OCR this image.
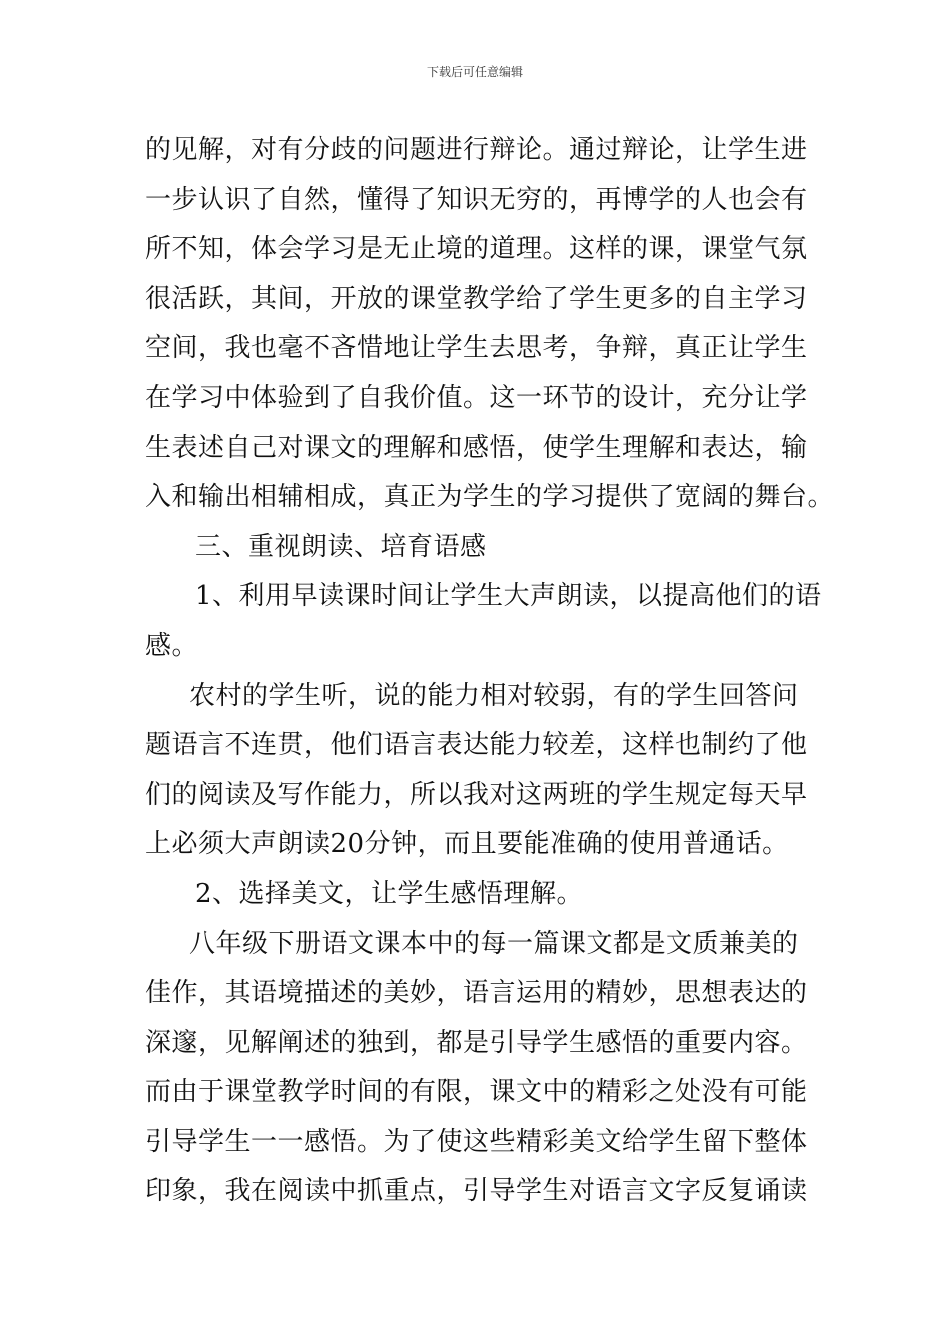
下载后可任意编辑
的见解，对有分歧的问题进行辩论。通过辩论，让学生进
一步认识了自然，懂得了知识无穷的，再博学的人也会有
所不知，体会学习是无止境的道理。这样的课，课堂气氛
很活跃，其间，开放的课堂教学给了学生更多的自主学习
空间，我也毫不吝惜地让学生去思考，争辩，真正让学生
在学习中体验到了自我价值。这一环节的设计，充分让学
生表述自己对课文的理解和感悟，使学生理解和表达，输
入和输出相辅相成，真正为学生的学习提供了宽阔的舞台。
三、重视朗读、培育语感
1、利用早读课时间让学生大声朗读，以提高他们的语
感。
农村的学生听，说的能力相对较弱，有的学生回答问
题语言不连贯，他们语言表达能力较差，这样也制约了他
们的阅读及写作能力，所以我对这两班的学生规定每天早
上必须大声朗读20分钟，而且要能准确的使用普通话。
2、选择美文，让学生感悟理解。
八年级下册语文课本中的每一篇课文都是文质兼美的
佳作，其语境描述的美妙，语言运用的精妙，思想表达的
深邃，见解阐述的独到，都是引导学生感悟的重要内容。
而由于课堂教学时间的有限，课文中的精彩之处没有可能
引导学生一一感悟。为了使这些精彩美文给学生留下整体
印象，我在阅读中抓重点，引导学生对语言文字反复诵读
